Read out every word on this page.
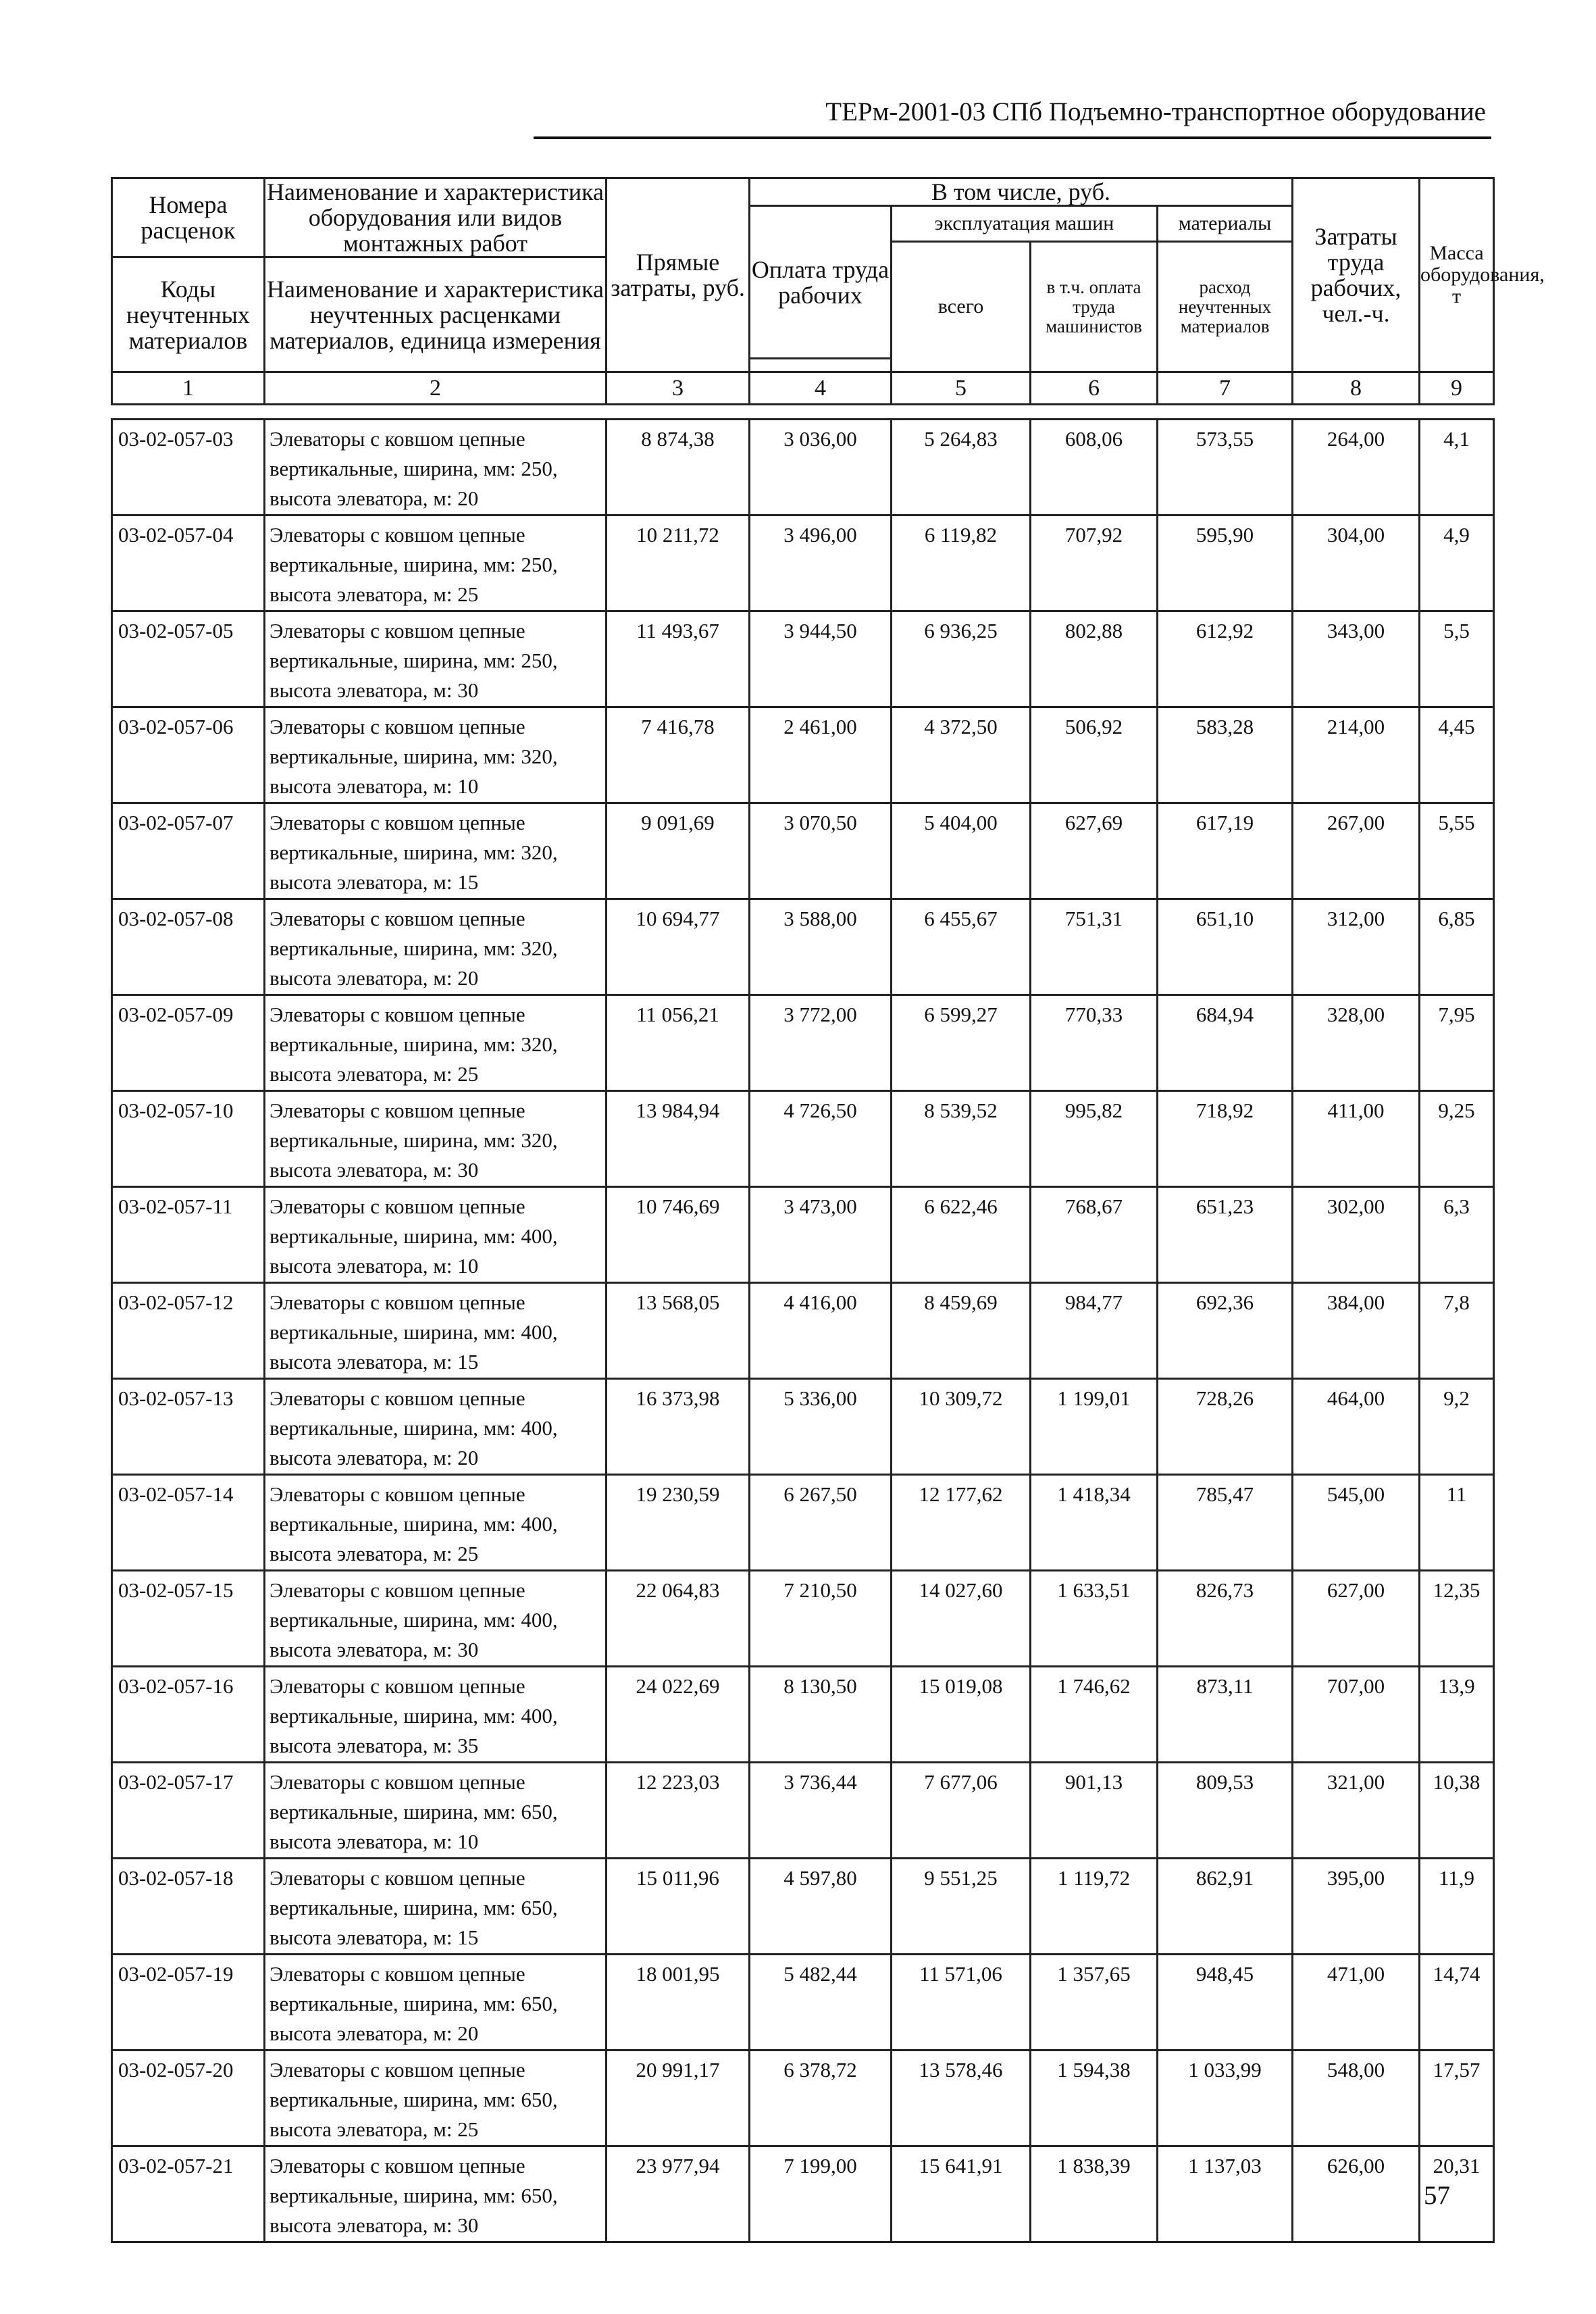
ТЕРм-2001-03 СПб Подъемно-транспортное оборудование
Номера расценок	Наименование и характеристика оборудования или видов монтажных работ	Прямые затраты, руб.	В том числе, руб.				Затраты труда рабочих, чел.-ч.	Масса оборудования, т
			Оплата труда рабочих	эксплуатация машин		материалы		
				всего	в т.ч. оплата труда машинистов	расход неучтенных материалов		
Коды неучтенных материалов	Наименование и характеристика неучтенных расценками материалов, единица измерения							

1	2	3	4	5	6	7	8	9
03-02-057-03	Элеваторы с ковшом цепные вертикальные, ширина, мм: 250, высота элеватора, м: 20	8 874,38	3 036,00	5 264,83	608,06	573,55	264,00	4,1
03-02-057-04	Элеваторы с ковшом цепные вертикальные, ширина, мм: 250, высота элеватора, м: 25	10 211,72	3 496,00	6 119,82	707,92	595,90	304,00	4,9
03-02-057-05	Элеваторы с ковшом цепные вертикальные, ширина, мм: 250, высота элеватора, м: 30	11 493,67	3 944,50	6 936,25	802,88	612,92	343,00	5,5
03-02-057-06	Элеваторы с ковшом цепные вертикальные, ширина, мм: 320, высота элеватора, м: 10	7 416,78	2 461,00	4 372,50	506,92	583,28	214,00	4,45
03-02-057-07	Элеваторы с ковшом цепные вертикальные, ширина, мм: 320, высота элеватора, м: 15	9 091,69	3 070,50	5 404,00	627,69	617,19	267,00	5,55
03-02-057-08	Элеваторы с ковшом цепные вертикальные, ширина, мм: 320, высота элеватора, м: 20	10 694,77	3 588,00	6 455,67	751,31	651,10	312,00	6,85
03-02-057-09	Элеваторы с ковшом цепные вертикальные, ширина, мм: 320, высота элеватора, м: 25	11 056,21	3 772,00	6 599,27	770,33	684,94	328,00	7,95
03-02-057-10	Элеваторы с ковшом цепные вертикальные, ширина, мм: 320, высота элеватора, м: 30	13 984,94	4 726,50	8 539,52	995,82	718,92	411,00	9,25
03-02-057-11	Элеваторы с ковшом цепные вертикальные, ширина, мм: 400, высота элеватора, м: 10	10 746,69	3 473,00	6 622,46	768,67	651,23	302,00	6,3
03-02-057-12	Элеваторы с ковшом цепные вертикальные, ширина, мм: 400, высота элеватора, м: 15	13 568,05	4 416,00	8 459,69	984,77	692,36	384,00	7,8
03-02-057-13	Элеваторы с ковшом цепные вертикальные, ширина, мм: 400, высота элеватора, м: 20	16 373,98	5 336,00	10 309,72	1 199,01	728,26	464,00	9,2
03-02-057-14	Элеваторы с ковшом цепные вертикальные, ширина, мм: 400, высота элеватора, м: 25	19 230,59	6 267,50	12 177,62	1 418,34	785,47	545,00	11
03-02-057-15	Элеваторы с ковшом цепные вертикальные, ширина, мм: 400, высота элеватора, м: 30	22 064,83	7 210,50	14 027,60	1 633,51	826,73	627,00	12,35
03-02-057-16	Элеваторы с ковшом цепные вертикальные, ширина, мм: 400, высота элеватора, м: 35	24 022,69	8 130,50	15 019,08	1 746,62	873,11	707,00	13,9
03-02-057-17	Элеваторы с ковшом цепные вертикальные, ширина, мм: 650, высота элеватора, м: 10	12 223,03	3 736,44	7 677,06	901,13	809,53	321,00	10,38
03-02-057-18	Элеваторы с ковшом цепные вертикальные, ширина, мм: 650, высота элеватора, м: 15	15 011,96	4 597,80	9 551,25	1 119,72	862,91	395,00	11,9
03-02-057-19	Элеваторы с ковшом цепные вертикальные, ширина, мм: 650, высота элеватора, м: 20	18 001,95	5 482,44	11 571,06	1 357,65	948,45	471,00	14,74
03-02-057-20	Элеваторы с ковшом цепные вертикальные, ширина, мм: 650, высота элеватора, м: 25	20 991,17	6 378,72	13 578,46	1 594,38	1 033,99	548,00	17,57
03-02-057-21	Элеваторы с ковшом цепные вертикальные, ширина, мм: 650, высота элеватора, м: 30	23 977,94	7 199,00	15 641,91	1 838,39	1 137,03	626,00	20,31
57
